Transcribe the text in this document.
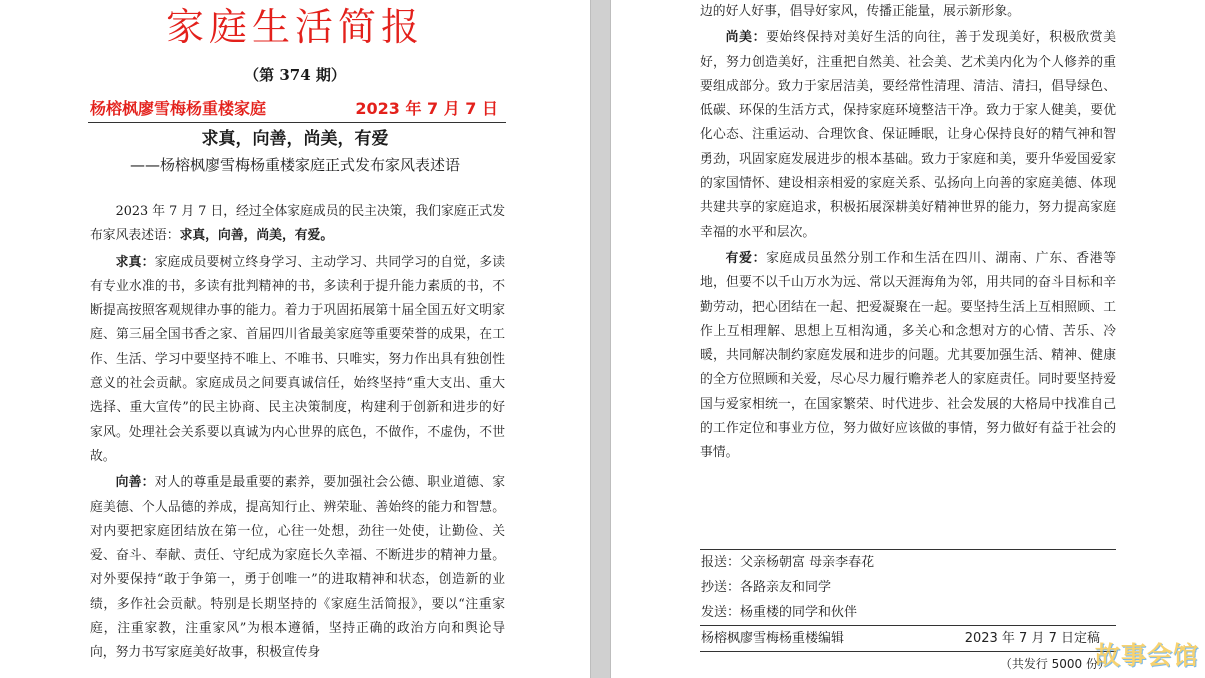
家庭生活简报
（第 374 期）
杨榕枫廖雪梅杨重楼家庭	2023 年 7 月 7 日
求真，向善，尚美，有爱
——杨榕枫廖雪梅杨重楼家庭正式发布家风表述语

2023 年 7 月 7 日，经过全体家庭成员的民主决策，我们家庭正式发布家风表述语：求真，向善，尚美，有爱。

求真：家庭成员要树立终身学习、主动学习、共同学习的自觉，多读有专业水准的书，多读有批判精神的书，多读利于提升能力素质的书，不断提高按照客观规律办事的能力。着力于巩固拓展第十届全国五好文明家庭、第三届全国书香之家、首届四川省最美家庭等重要荣誉的成果，在工作、生活、学习中要坚持不唯上、不唯书、只唯实，努力作出具有独创性意义的社会贡献。家庭成员之间要真诚信任，始终坚持“重大支出、重大选择、重大宣传”的民主协商、民主决策制度，构建利于创新和进步的好家风。处理社会关系要以真诚为内心世界的底色，不做作，不虚伪，不世故。

向善：对人的尊重是最重要的素养，要加强社会公德、职业道德、家庭美德、个人品德的养成，提高知行止、辨荣耻、善始终的能力和智慧。对内要把家庭团结放在第一位，心往一处想，劲往一处使，让勤俭、关爱、奋斗、奉献、责任、守纪成为家庭长久幸福、不断进步的精神力量。对外要保持“敢于争第一，勇于创唯一”的进取精神和状态，创造新的业绩，多作社会贡献。特别是长期坚持的《家庭生活简报》，要以“注重家庭，注重家教，注重家风”为根本遵循，坚持正确的政治方向和舆论导向，努力书写家庭美好故事，积极宣传身

边的好人好事，倡导好家风，传播正能量，展示新形象。

尚美：要始终保持对美好生活的向往，善于发现美好，积极欣赏美好，努力创造美好，注重把自然美、社会美、艺术美内化为个人修养的重要组成部分。致力于家居洁美，要经常性清理、清洁、清扫，倡导绿色、低碳、环保的生活方式，保持家庭环境整洁干净。致力于家人健美，要优化心态、注重运动、合理饮食、保证睡眠，让身心保持良好的精气神和智勇劲，巩固家庭发展进步的根本基础。致力于家庭和美，要升华爱国爱家的家国情怀、建设相亲相爱的家庭关系、弘扬向上向善的家庭美德、体现共建共享的家庭追求，积极拓展深耕美好精神世界的能力，努力提高家庭幸福的水平和层次。

有爱：家庭成员虽然分别工作和生活在四川、湖南、广东、香港等地，但要不以千山万水为远、常以天涯海角为邻，用共同的奋斗目标和辛勤劳动，把心团结在一起、把爱凝聚在一起。要坚持生活上互相照顾、工作上互相理解、思想上互相沟通，多关心和念想对方的心情、苦乐、冷暖，共同解决制约家庭发展和进步的问题。尤其要加强生活、精神、健康的全方位照顾和关爱，尽心尽力履行赡养老人的家庭责任。同时要坚持爱国与爱家相统一，在国家繁荣、时代进步、社会发展的大格局中找准自己的工作定位和事业方位，努力做好应该做的事情，努力做好有益于社会的事情。

报送：父亲杨朝富 母亲李春花
抄送：各路亲友和同学
发送：杨重楼的同学和伙伴
杨榕枫廖雪梅杨重楼编辑	2023 年 7 月 7 日定稿
（共发行 5000 份）
故事会馆
